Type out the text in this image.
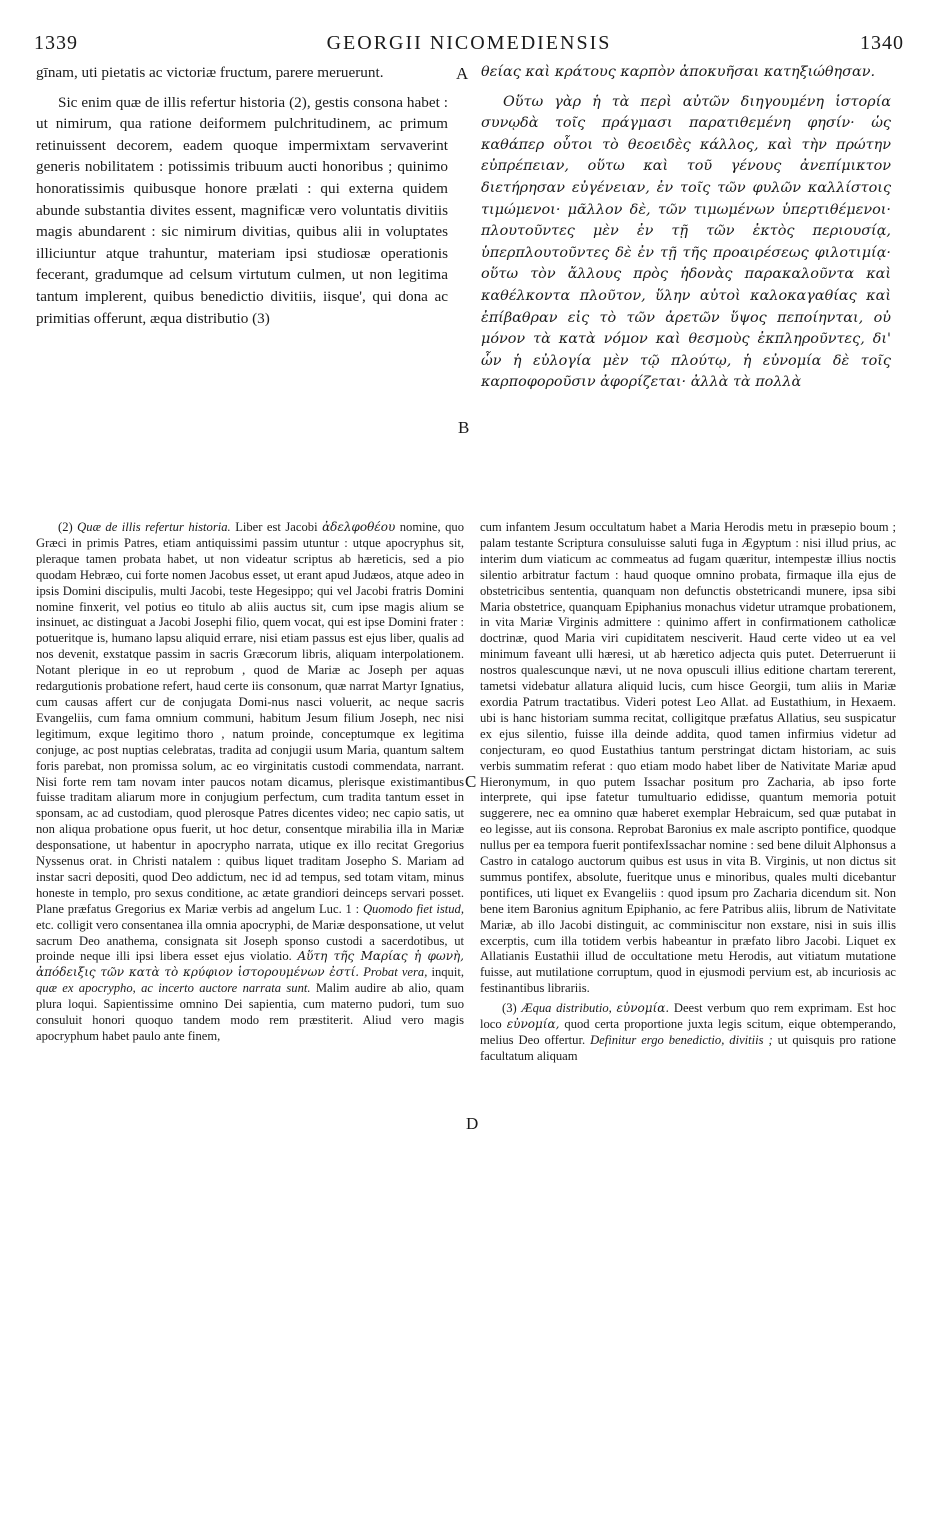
1339	GEORGII NICOMEDIENSIS	1340

gīnam, uti pietatis ac victoriæ fructum, parere meruerunt.

Sic enim quæ de illis refertur historia (2), gestis consona habet : ut nimirum, qua ratione deiformem pulchritudinem, ac primum retinuissent decorem, eadem quoque impermixtam servaverint generis nobilitatem : potissimis tribuum aucti honoribus ; quinimo honoratissimis quibusque honore prælati : qui externa quidem abunde substantia divites essent, magnificæ vero voluntatis divitiis magis abundarent : sic nimirum divitias, quibus alii in voluptates illiciuntur atque trahuntur, materiam ipsi studiosæ operationis fecerant, gradumque ad celsum virtutum culmen, ut non legitima tantum implerent, quibus benedictio divitiis, iisque', qui dona ac primitias offerunt, æqua distributio (3)

θείας καὶ κράτους καρπὸν ἀποκυῆσαι κατηξιώθησαν.

Οὕτω γὰρ ἡ τὰ περὶ αὐτῶν διηγουμένη ἱστορία συνῳδὰ τοῖς πράγμασι παρατιθεμένη φησίν· ὡς καθάπερ οὗτοι τὸ θεοειδὲς κάλλος, καὶ τὴν πρώτην εὐπρέπειαν, οὕτω καὶ τοῦ γένους ἀνεπίμικτον διετήρησαν εὐγένειαν, ἐν τοῖς τῶν φυλῶν καλλίστοις τιμώμενοι· μᾶλλον δὲ, τῶν τιμωμένων ὑπερτιθέμενοι· πλουτοῦντες μὲν ἐν τῇ τῶν ἐκτὸς περιουσίᾳ, ὑπερπλουτοῦντες δὲ ἐν τῇ τῆς προαιρέσεως φιλοτιμίᾳ· οὕτω τὸν ἄλλους πρὸς ἡδονὰς παρακαλοῦντα καὶ καθέλκοντα πλοῦτον, ὕλην αὐτοὶ καλοκαγαθίας καὶ ἐπίβαθραν εἰς τὸ τῶν ἀρετῶν ὕψος πεποίηνται, οὐ μόνον τὰ κατὰ νόμον καὶ θεσμοὺς ἐκπληροῦντες, δι' ὧν ἡ εὐλογία μὲν τῷ πλούτῳ, ἡ εὐνομία δὲ τοῖς καρποφοροῦσιν ἀφορίζεται· ἀλλὰ τὰ πολλὰ

A
B
C
D

(2) Quæ de illis refertur historia. Liber est Jacobi ἀδελφοθέου nomine, quo Græci in primis Patres, etiam antiquissimi passim utuntur : utque apocryphus sit, pleraque tamen probata habet, ut non videatur scriptus ab hæreticis, sed a pio quodam Hebræo, cui forte nomen Jacobus esset, ut erant apud Judæos, atque adeo in ipsis Domini discipulis, multi Jacobi, teste Hegesippo; qui vel Jacobi fratris Domini nomine finxerit, vel potius eo titulo ab aliis auctus sit, cum ipse magis alium se insinuet, ac distinguat a Jacobi Josephi filio, quem vocat, qui est ipse Domini frater : potueritque is, humano lapsu aliquid errare, nisi etiam passus est ejus liber, qualis ad nos devenit, exstatque passim in sacris Græcorum libris, aliquam interpolationem. Notant plerique in eo ut reprobum , quod de Mariæ ac Joseph per aquas redargutionis probatione refert, haud certe iis consonum, quæ narrat Martyr Ignatius, cum causas affert cur de conjugata Domi-nus nasci voluerit, ac neque sacris Evangeliis, cum fama omnium communi, habitum Jesum filium Joseph, nec nisi legitimum, exque legitimo thoro , natum proinde, conceptumque ex legitima conjuge, ac post nuptias celebratas, tradita ad conjugii usum Maria, quantum saltem foris parebat, non promissa solum, ac eo virginitatis custodi commendata, narrant. Nisi forte rem tam novam inter paucos notam dicamus, plerisque existimantibus fuisse traditam aliarum more in conjugium perfectum, cum tradita tantum esset in sponsam, ac ad custodiam, quod plerosque Patres dicentes video; nec capio satis, ut non aliqua probatione opus fuerit, ut hoc detur, consentque mirabilia illa in Mariæ desponsatione, ut habentur in apocrypho narrata, utique ex illo recitat Gregorius Nyssenus orat. in Christi natalem : quibus liquet traditam Josepho S. Mariam ad instar sacri depositi, quod Deo addictum, nec id ad tempus, sed totam vitam, minus honeste in templo, pro sexus conditione, ac ætate grandiori deinceps servari posset. Plane præfatus Gregorius ex Mariæ verbis ad angelum Luc. 1 : Quomodo fiet istud, etc. colligit vero consentanea illa omnia apocryphi, de Mariæ desponsatione, ut velut sacrum Deo anathema, consignata sit Joseph sponso custodi a sacerdotibus, ut proinde neque illi ipsi libera esset ejus violatio. Αὕτη τῆς Μαρίας ἡ φωνὴ, ἀπόδειξις τῶν κατὰ τὸ κρύφιον ἱστορουμένων ἐστί. Probat vera, inquit, quæ ex apocrypho, ac incerto auctore narrata sunt. Malim audire ab alio, quam plura loqui. Sapientissime omnino Dei sapientia, cum materno pudori, tum suo consuluit honori quoquo tandem modo rem præstiterit. Aliud vero magis apocryphum habet paulo ante finem,

cum infantem Jesum occultatum habet a Maria Herodis metu in præsepio boum ; palam testante Scriptura consuluisse saluti fuga in Ægyptum : nisi illud prius, ac interim dum viaticum ac commeatus ad fugam quæritur, intempestæ illius noctis silentio arbitratur factum : haud quoque omnino probata, firmaque illa ejus de obstetricibus sententia, quanquam non defunctis obstetricandi munere, ipsa sibi Maria obstetrice, quanquam Epiphanius monachus videtur utramque probationem, in vita Mariæ Virginis admittere : quinimo affert in confirmationem catholicæ doctrinæ, quod Maria viri cupiditatem nesciverit. Haud certe video ut ea vel minimum faveant ulli hæresi, ut ab hæretico adjecta quis putet. Deterruerunt ii nostros qualescunque nævi, ut ne nova opusculi illius editione chartam tererent, tametsi videbatur allatura aliquid lucis, cum hisce Georgii, tum aliis in Mariæ exordia Patrum tractatibus. Videri potest Leo Allat. ad Eustathium, in Hexaem. ubi is hanc historiam summa recitat, colligitque præfatus Allatius, seu suspicatur ex ejus silentio, fuisse illa deinde addita, quod tamen infirmius videtur ad conjecturam, eo quod Eustathius tantum perstringat dictam historiam, ac suis verbis summatim referat : quo etiam modo habet liber de Nativitate Mariæ apud Hieronymum, in quo putem Issachar positum pro Zacharia, ab ipso forte interprete, qui ipse fatetur tumultuario edidisse, quantum memoria potuit suggerere, nec ea omnino quæ haberet exemplar Hebraicum, sed quæ putabat in eo legisse, aut iis consona. Reprobat Baronius ex male ascripto pontifice, quodque nullus per ea tempora fuerit pontifexIssachar nomine : sed bene diluit Alphonsus a Castro in catalogo auctorum quibus est usus in vita B. Virginis, ut non dictus sit summus pontifex, absolute, fueritque unus e minoribus, quales multi dicebantur pontifices, uti liquet ex Evangeliis : quod ipsum pro Zacharia dicendum sit. Non bene item Baronius agnitum Epiphanio, ac fere Patribus aliis, librum de Nativitate Mariæ, ab illo Jacobi distinguit, ac comminiscitur non exstare, nisi in suis illis excerptis, cum illa totidem verbis habeantur in præfato libro Jacobi. Liquet ex Allatianis Eustathii illud de occultatione metu Herodis, aut vitiatum mutatione fuisse, aut mutilatione corruptum, quod in ejusmodi pervium est, ab incuriosis ac festinantibus librariis.

(3) Æqua distributio, εὐνομία. Deest verbum quo rem exprimam. Est hoc loco εὐνομία, quod certa proportione juxta legis scitum, eique obtemperando, melius Deo offertur. Definitur ergo benedictio, divitiis ; ut quisquis pro ratione facultatum aliquam
